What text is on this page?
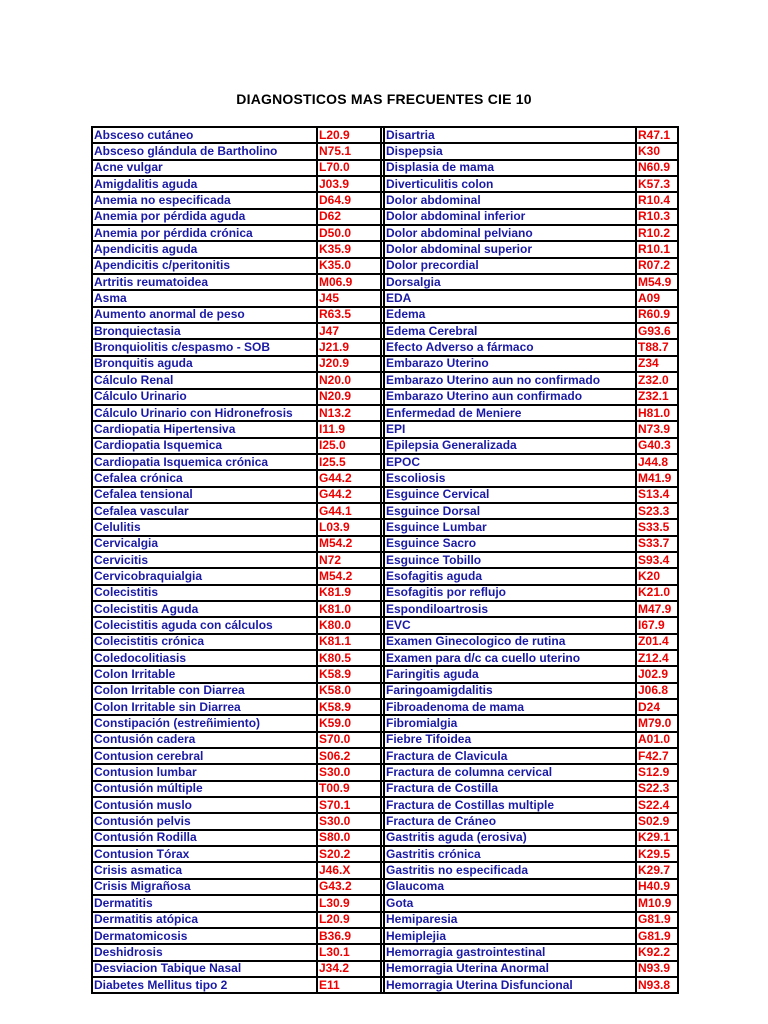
DIAGNOSTICOS MAS FRECUENTES CIE 10
Absceso cutáneo	L20.9		Disartria	R47.1
Absceso glándula de Bartholino	N75.1		Dispepsia	K30
Acne vulgar	L70.0		Displasia de mama	N60.9
Amigdalitis aguda	J03.9		Diverticulitis colon	K57.3
Anemia no especificada	D64.9		Dolor abdominal	R10.4
Anemia por pérdida aguda	D62		Dolor abdominal inferior	R10.3
Anemia por pérdida crónica	D50.0		Dolor abdominal pelviano	R10.2
Apendicitis aguda	K35.9		Dolor abdominal superior	R10.1
Apendicitis c/peritonitis	K35.0		Dolor precordial	R07.2
Artritis reumatoidea	M06.9		Dorsalgia	M54.9
Asma	J45		EDA	A09
Aumento anormal de peso	R63.5		Edema	R60.9
Bronquiectasia	J47		Edema Cerebral	G93.6
Bronquiolitis c/espasmo - SOB	J21.9		Efecto Adverso a fármaco	T88.7
Bronquitis aguda	J20.9		Embarazo Uterino	Z34
Cálculo Renal	N20.0		Embarazo Uterino aun no confirmado	Z32.0
Cálculo Urinario	N20.9		Embarazo Uterino aun confirmado	Z32.1
Cálculo Urinario con Hidronefrosis	N13.2		Enfermedad de Meniere	H81.0
Cardiopatia Hipertensiva	I11.9		EPI	N73.9
Cardiopatia Isquemica	I25.0		Epilepsia Generalizada	G40.3
Cardiopatia Isquemica crónica	I25.5		EPOC	J44.8
Cefalea crónica	G44.2		Escoliosis	M41.9
Cefalea tensional	G44.2		Esguince Cervical	S13.4
Cefalea vascular	G44.1		Esguince Dorsal	S23.3
Celulitis	L03.9		Esguince Lumbar	S33.5
Cervicalgia	M54.2		Esguince Sacro	S33.7
Cervicitis	N72		Esguince Tobillo	S93.4
Cervicobraquialgia	M54.2		Esofagitis aguda	K20
Colecistitis	K81.9		Esofagitis por reflujo	K21.0
Colecistitis Aguda	K81.0		Espondiloartrosis	M47.9
Colecistitis aguda con cálculos	K80.0		EVC	I67.9
Colecistitis crónica	K81.1		Examen Ginecologico de rutina	Z01.4
Coledocolitiasis	K80.5		Examen para d/c ca cuello uterino	Z12.4
Colon Irritable	K58.9		Faringitis aguda	J02.9
Colon Irritable con Diarrea	K58.0		Faringoamigdalitis	J06.8
Colon Irritable sin Diarrea	K58.9		Fibroadenoma de mama	D24
Constipación (estreñimiento)	K59.0		Fibromialgia	M79.0
Contusión cadera	S70.0		Fiebre Tifoidea	A01.0
Contusion cerebral	S06.2		Fractura de Clavicula	F42.7
Contusion lumbar	S30.0		Fractura de columna cervical	S12.9
Contusión múltiple	T00.9		Fractura de Costilla	S22.3
Contusión muslo	S70.1		Fractura de Costillas multiple	S22.4
Contusión pelvis	S30.0		Fractura de Cráneo	S02.9
Contusión Rodilla	S80.0		Gastritis aguda (erosiva)	K29.1
Contusion Tórax	S20.2		Gastritis crónica	K29.5
Crisis asmatica	J46.X		Gastritis no especificada	K29.7
Crisis Migrañosa	G43.2		Glaucoma	H40.9
Dermatitis	L30.9		Gota	M10.9
Dermatitis atópica	L20.9		Hemiparesia	G81.9
Dermatomicosis	B36.9		Hemiplejia	G81.9
Deshidrosis	L30.1		Hemorragia gastrointestinal	K92.2
Desviacion Tabique Nasal	J34.2		Hemorragia Uterina Anormal	N93.9
Diabetes Mellitus tipo 2	E11		Hemorragia Uterina Disfuncional	N93.8
